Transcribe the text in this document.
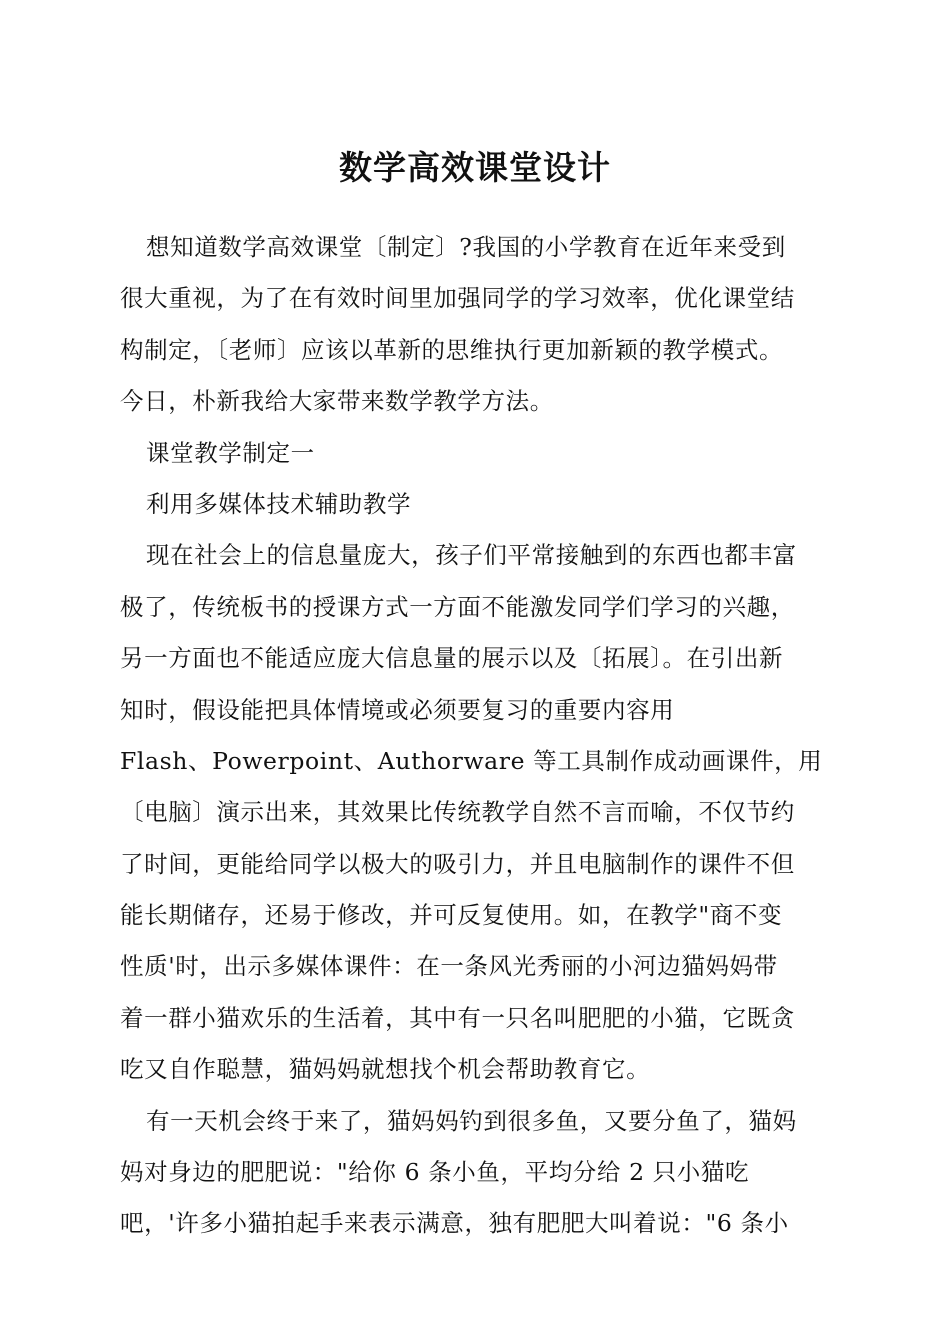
数学高效课堂设计
想知道数学高效课堂〔制定〕?我国的小学教育在近年来受到
很大重视，为了在有效时间里加强同学的学习效率，优化课堂结
构制定，〔老师〕应该以革新的思维执行更加新颖的教学模式。
今日，朴新我给大家带来数学教学方法。
课堂教学制定一
利用多媒体技术辅助教学
现在社会上的信息量庞大，孩子们平常接触到的东西也都丰富
极了，传统板书的授课方式一方面不能激发同学们学习的兴趣，
另一方面也不能适应庞大信息量的展示以及〔拓展〕。在引出新
知时，假设能把具体情境或必须要复习的重要内容用
Flash、Powerpoint、Authorware 等工具制作成动画课件，用
〔电脑〕演示出来，其效果比传统教学自然不言而喻，不仅节约
了时间，更能给同学以极大的吸引力，并且电脑制作的课件不但
能长期储存，还易于修改，并可反复使用。如，在教学"商不变
性质'时，出示多媒体课件：在一条风光秀丽的小河边猫妈妈带
着一群小猫欢乐的生活着，其中有一只名叫肥肥的小猫，它既贪
吃又自作聪慧，猫妈妈就想找个机会帮助教育它。
有一天机会终于来了，猫妈妈钓到很多鱼，又要分鱼了，猫妈
妈对身边的肥肥说："给你 6 条小鱼，平均分给 2 只小猫吃
吧，'许多小猫拍起手来表示满意，独有肥肥大叫着说："6 条小
